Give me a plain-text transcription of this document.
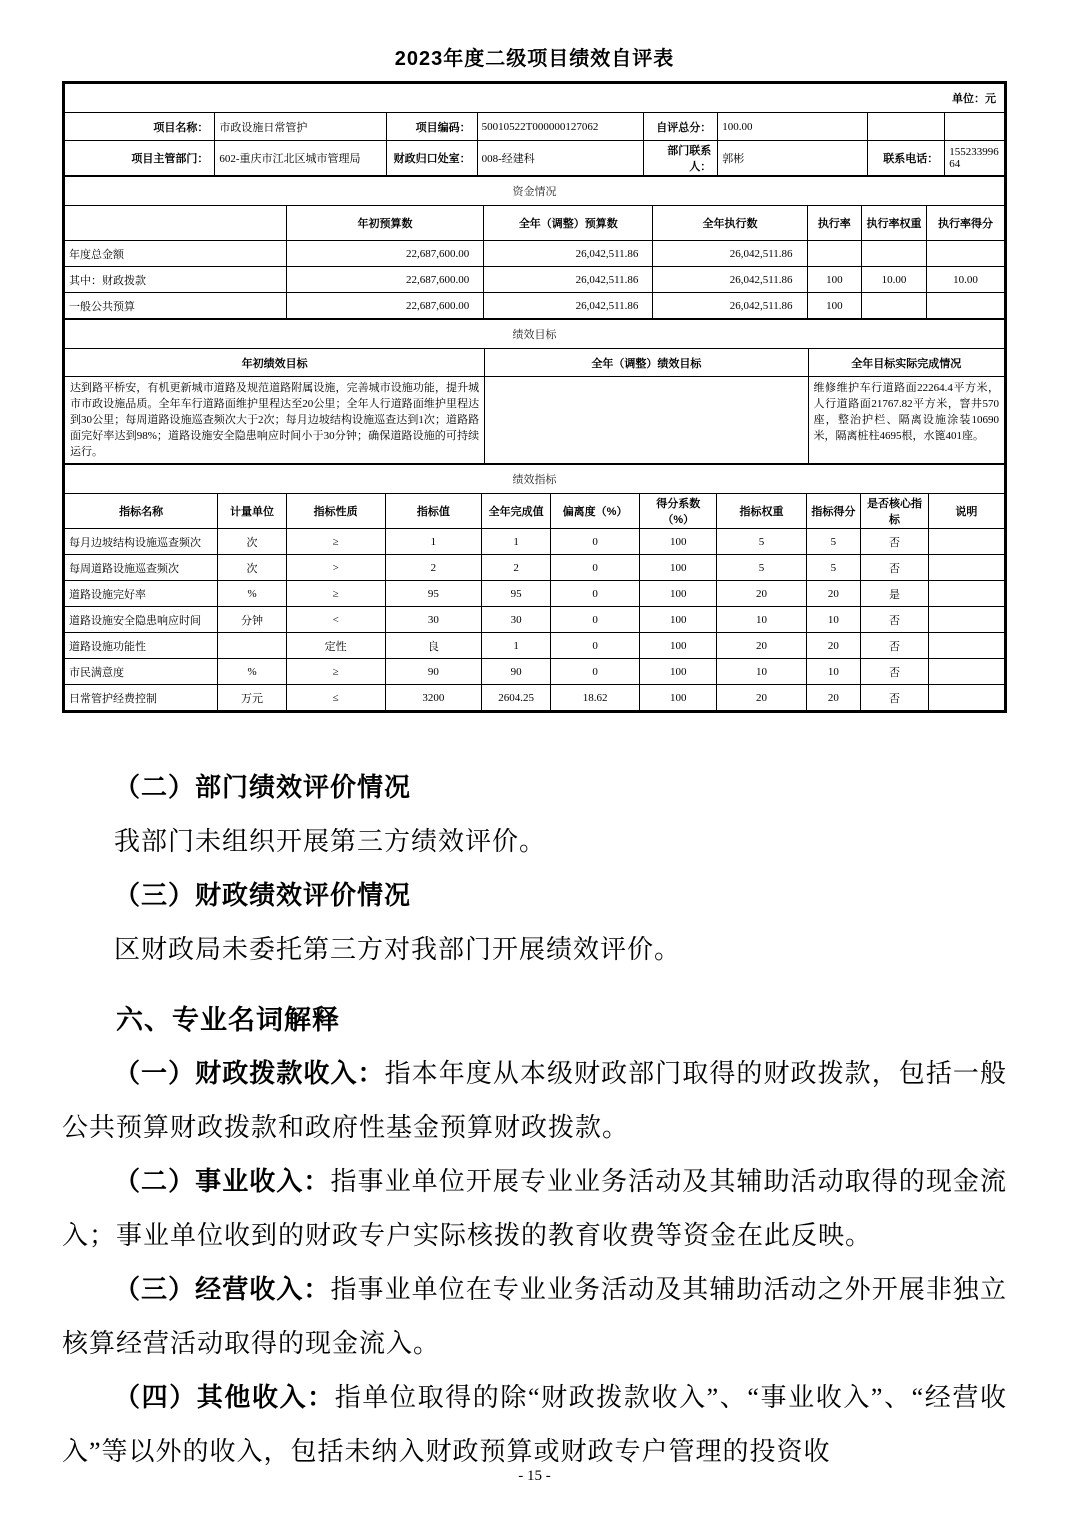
2023年度二级项目绩效自评表
单位：元							
项目名称：	市政设施日常管护	项目编码：	50010522T000000127062	自评总分：	100.00		
项目主管部门：	602-重庆市江北区城市管理局	财政归口处室：	008-经建科	部门联系人：	郭彬	联系电话：	15523399664
资金情况						
	年初预算数	全年（调整）预算数	全年执行数	执行率	执行率权重	执行率得分
年度总金额	22,687,600.00	26,042,511.86	26,042,511.86			
其中：财政拨款	22,687,600.00	26,042,511.86	26,042,511.86	100	10.00	10.00
一般公共预算	22,687,600.00	26,042,511.86	26,042,511.86	100		
绩效目标		
年初绩效目标	全年（调整）绩效目标	全年目标实际完成情况
达到路平桥安，有机更新城市道路及规范道路附属设施，完善城市设施功能，提升城市市政设施品质。全年车行道路面维护里程达至20公里；全年人行道路面维护里程达到30公里；每周道路设施巡查频次大于2次；每月边坡结构设施巡查达到1次；道路路面完好率达到98%；道路设施安全隐患响应时间小于30分钟；确保道路设施的可持续运行。		维修维护车行道路面22264.4平方米，人行道路面21767.82平方米，窨井570座，整治护栏、隔离设施涂装10690米，隔离桩柱4695根，水篦401座。
绩效指标										
指标名称	计量单位	指标性质	指标值	全年完成值	偏离度（%）	得分系数（%）	指标权重	指标得分	是否核心指标	说明
每月边坡结构设施巡查频次	次	≥	1	1	0	100	5	5	否	
每周道路设施巡查频次	次	>	2	2	0	100	5	5	否	
道路设施完好率	%	≥	95	95	0	100	20	20	是	
道路设施安全隐患响应时间	分钟	<	30	30	0	100	10	10	否	
道路设施功能性		定性	良	1	0	100	20	20	否	
市民满意度	%	≥	90	90	0	100	10	10	否	
日常管护经费控制	万元	≤	3200	2604.25	18.62	100	20	20	否	

（二）部门绩效评价情况

我部门未组织开展第三方绩效评价。

（三）财政绩效评价情况

区财政局未委托第三方对我部门开展绩效评价。

六、专业名词解释

（一）财政拨款收入：指本年度从本级财政部门取得的财政拨款，包括一般公共预算财政拨款和政府性基金预算财政拨款。

（二）事业收入：指事业单位开展专业业务活动及其辅助活动取得的现金流入；事业单位收到的财政专户实际核拨的教育收费等资金在此反映。

（三）经营收入：指事业单位在专业业务活动及其辅助活动之外开展非独立核算经营活动取得的现金流入。

（四）其他收入：指单位取得的除“财政拨款收入”、“事业收入”、“经营收入”等以外的收入，包括未纳入财政预算或财政专户管理的投资收

- 15 -
